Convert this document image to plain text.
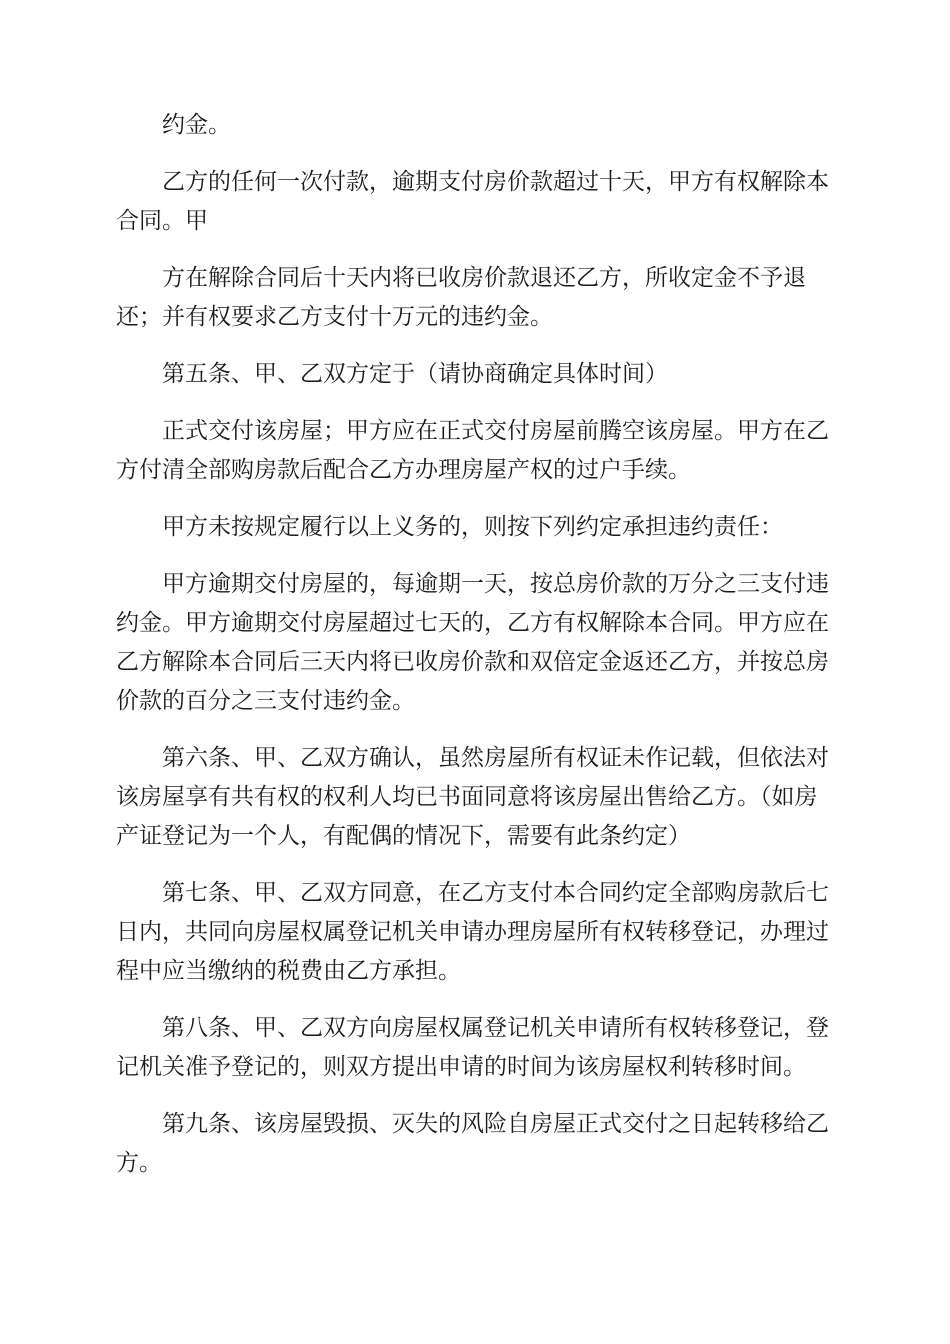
约金。

乙方的任何一次付款，逾期支付房价款超过十天，甲方有权解除本合同。甲

方在解除合同后十天内将已收房价款退还乙方，所收定金不予退还；并有权要求乙方支付十万元的违约金。

第五条、甲、乙双方定于（请协商确定具体时间）

正式交付该房屋；甲方应在正式交付房屋前腾空该房屋。甲方在乙方付清全部购房款后配合乙方办理房屋产权的过户手续。

甲方未按规定履行以上义务的，则按下列约定承担违约责任：

甲方逾期交付房屋的，每逾期一天，按总房价款的万分之三支付违约金。甲方逾期交付房屋超过七天的，乙方有权解除本合同。甲方应在乙方解除本合同后三天内将已收房价款和双倍定金返还乙方，并按总房价款的百分之三支付违约金。

第六条、甲、乙双方确认，虽然房屋所有权证未作记载，但依法对该房屋享有共有权的权利人均已书面同意将该房屋出售给乙方。（如房产证登记为一个人，有配偶的情况下，需要有此条约定）

第七条、甲、乙双方同意，在乙方支付本合同约定全部购房款后七日内，共同向房屋权属登记机关申请办理房屋所有权转移登记，办理过程中应当缴纳的税费由乙方承担。

第八条、甲、乙双方向房屋权属登记机关申请所有权转移登记，登记机关准予登记的，则双方提出申请的时间为该房屋权利转移时间。

第九条、该房屋毁损、灭失的风险自房屋正式交付之日起转移给乙方。
